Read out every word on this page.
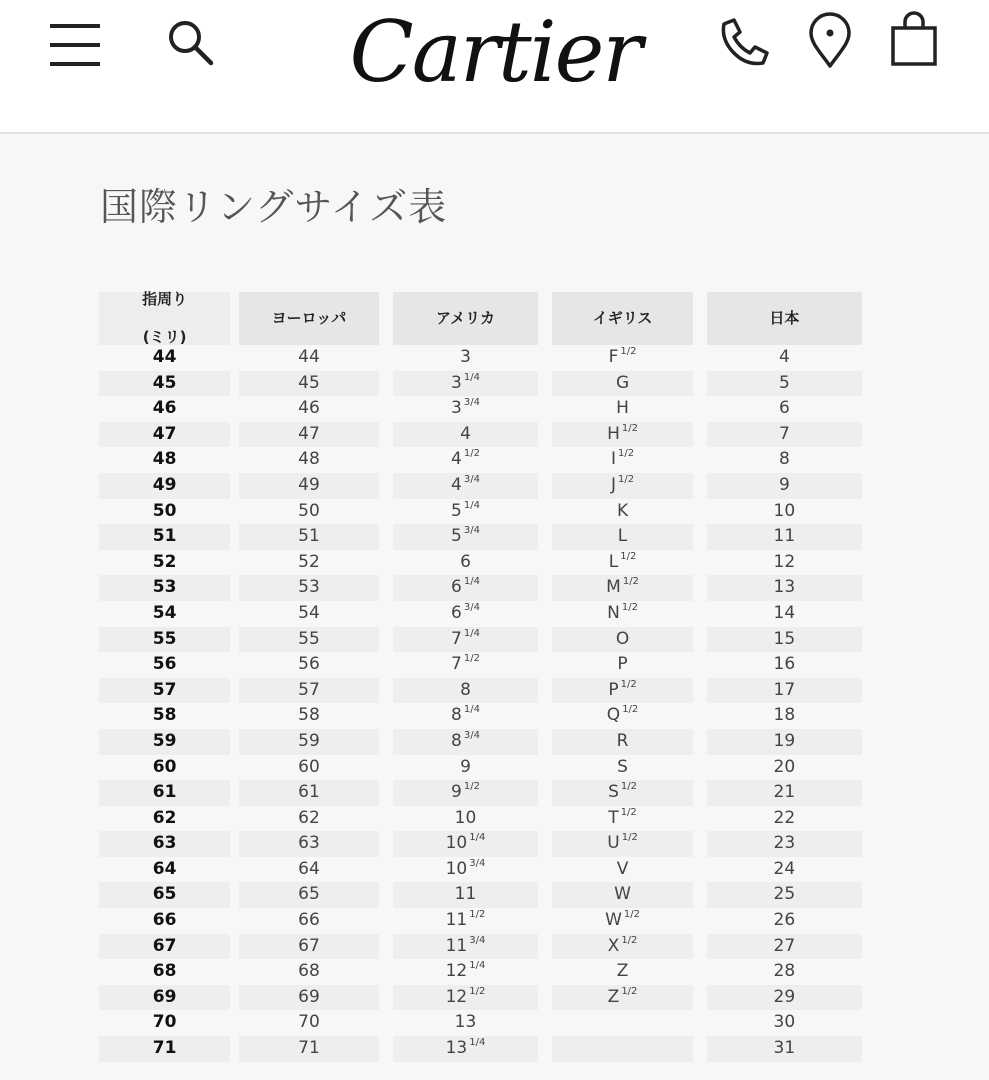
Cartier
国際リングサイズ表
指周り

(ミリ)	ヨーロッパ	アメリカ	イギリス	日本

44	44	3	F $^{1/2}$	4

45	45	3 $^{1/4}$	G	5

46	46	3 $^{3/4}$	H	6

47	47	4	H $^{1/2}$	7

48	48	4 $^{1/2}$	I $^{1/2}$	8

49	49	4 $^{3/4}$	J $^{1/2}$	9

50	50	5 $^{1/4}$	K	10

51	51	5 $^{3/4}$	L	11

52	52	6	L $^{1/2}$	12

53	53	6 $^{1/4}$	M $^{1/2}$	13

54	54	6 $^{3/4}$	N $^{1/2}$	14

55	55	7 $^{1/4}$	O	15

56	56	7 $^{1/2}$	P	16

57	57	8	P $^{1/2}$	17

58	58	8 $^{1/4}$	Q $^{1/2}$	18

59	59	8 $^{3/4}$	R	19

60	60	9	S	20

61	61	9 $^{1/2}$	S $^{1/2}$	21

62	62	10	T $^{1/2}$	22

63	63	10 $^{1/4}$	U $^{1/2}$	23

64	64	10 $^{3/4}$	V	24

65	65	11	W	25

66	66	11 $^{1/2}$	W $^{1/2}$	26

67	67	11 $^{3/4}$	X $^{1/2}$	27

68	68	12 $^{1/4}$	Z	28

69	69	12 $^{1/2}$	Z $^{1/2}$	29

70	70	13		30

71	71	13 $^{1/4}$		31
